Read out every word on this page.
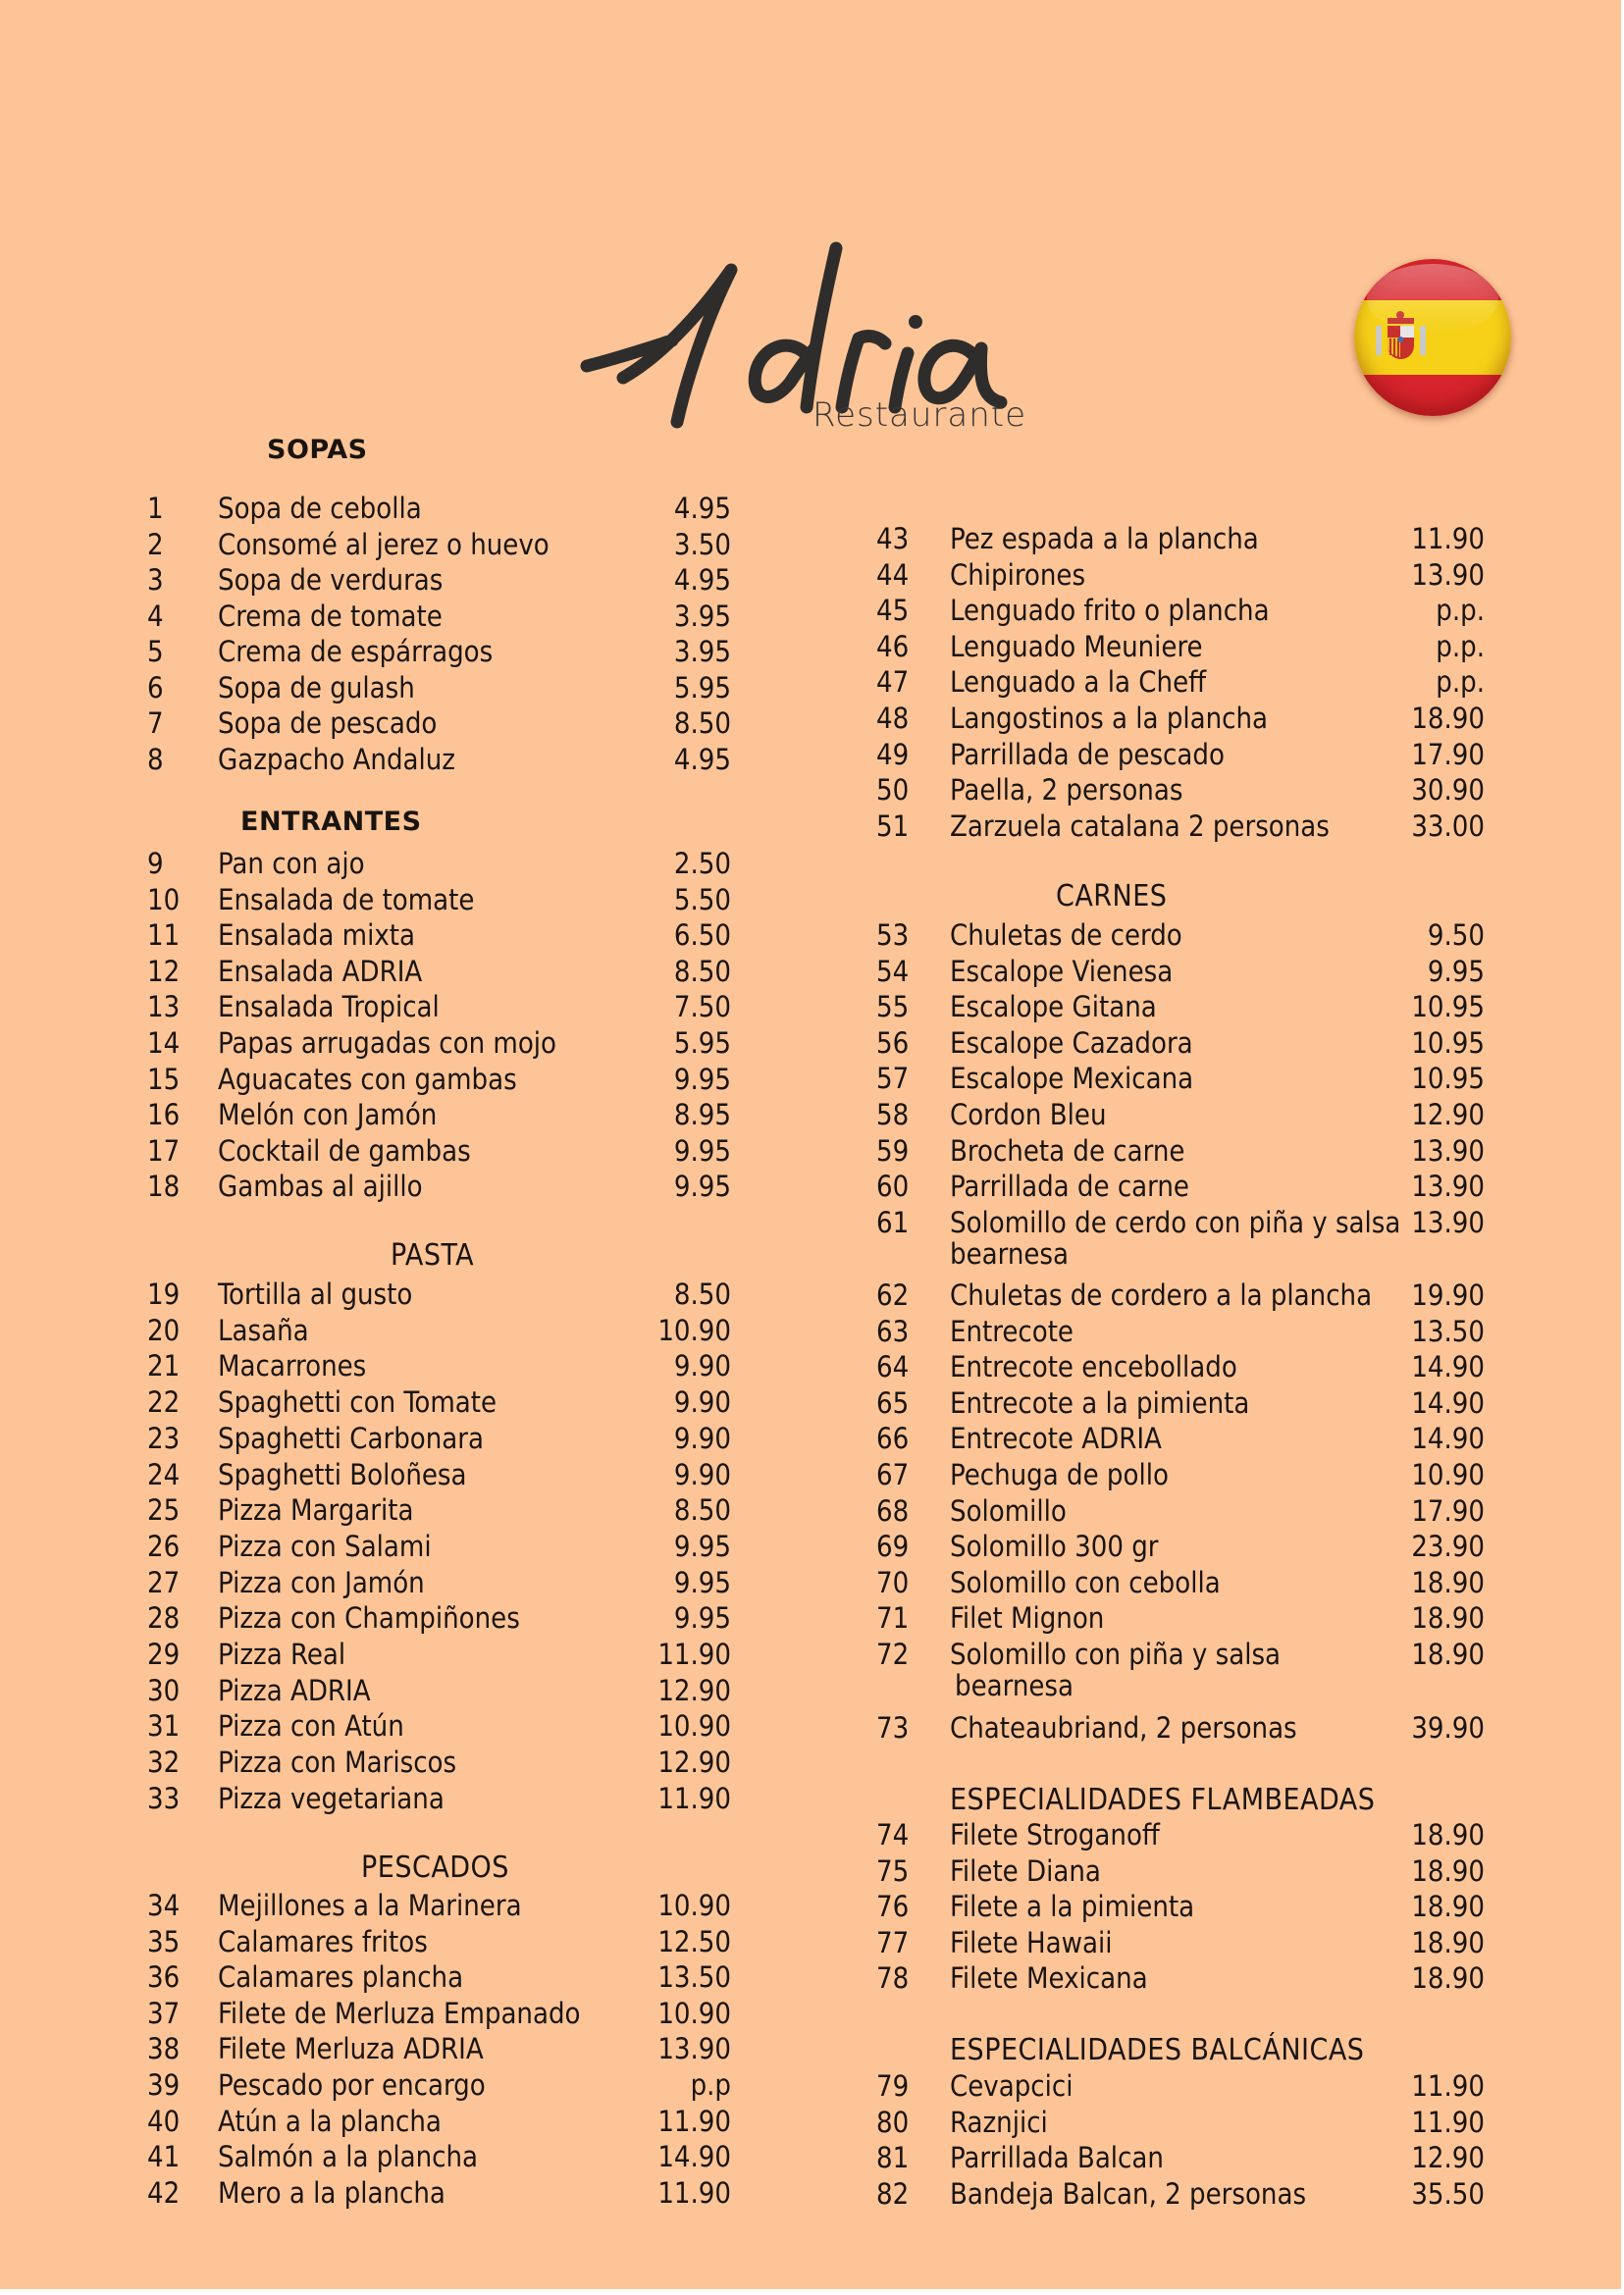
Restaurante
SOPAS
1 Sopa de cebolla	4.95
2 Consomé al jerez o huevo	3.50
3 Sopa de verduras	4.95
4 Crema de tomate	3.95
5 Crema de espárragos	3.95
6 Sopa de gulash	5.95
7 Sopa de pescado	8.50
8 Gazpacho Andaluz	4.95
ENTRANTES
9 Pan con ajo	2.50
10 Ensalada de tomate	5.50
11 Ensalada mixta	6.50
12 Ensalada ADRIA	8.50
13 Ensalada Tropical	7.50
14 Papas arrugadas con mojo	5.95
15 Aguacates con gambas	9.95
16 Melón con Jamón	8.95
17 Cocktail de gambas	9.95
18 Gambas al ajillo	9.95
PASTA
19 Tortilla al gusto	8.50
20 Lasaña	10.90
21 Macarrones	9.90
22 Spaghetti con Tomate	9.90
23 Spaghetti Carbonara	9.90
24 Spaghetti Boloñesa	9.90
25 Pizza Margarita	8.50
26 Pizza con Salami	9.95
27 Pizza con Jamón	9.95
28 Pizza con Champiñones	9.95
29 Pizza Real	11.90
30 Pizza ADRIA	12.90
31 Pizza con Atún	10.90
32 Pizza con Mariscos	12.90
33 Pizza vegetariana	11.90
PESCADOS
34 Mejillones a la Marinera	10.90
35 Calamares fritos	12.50
36 Calamares plancha	13.50
37 Filete de Merluza Empanado	10.90
38 Filete Merluza ADRIA	13.90
39 Pescado por encargo	p.p
40 Atún a la plancha	11.90
41 Salmón a la plancha	14.90
42 Mero a la plancha	11.90
43 Pez espada a la plancha	11.90
44 Chipirones	13.90
45 Lenguado frito o plancha	p.p.
46 Lenguado Meuniere	p.p.
47 Lenguado a la Cheff	p.p.
48 Langostinos a la plancha	18.90
49 Parrillada de pescado	17.90
50 Paella, 2 personas	30.90
51 Zarzuela catalana 2 personas	33.00
CARNES
53 Chuletas de cerdo	9.50
54 Escalope Vienesa	9.95
55 Escalope Gitana	10.95
56 Escalope Cazadora	10.95
57 Escalope Mexicana	10.95
58 Cordon Bleu	12.90
59 Brocheta de carne	13.90
60 Parrillada de carne	13.90
61 Solomillo de cerdo con piña y salsa
bearnesa
13.90
62 Chuletas de cordero a la plancha 19.90
63 Entrecote	13.50
64 Entrecote encebollado	14.90
65 Entrecote a la pimienta	14.90
66 Entrecote ADRIA	14.90
67 Pechuga de pollo	10.90
68 Solomillo	17.90
69 Solomillo 300 gr	23.90
70 Solomillo con cebolla	18.90
71 Filet Mignon	18.90
72 Solomillo con piña y salsa
bearnesa
18.90
73 Chateaubriand, 2 personas	39.90
ESPECIALIDADES FLAMBEADAS
74 Filete Stroganoff	18.90
75 Filete Diana	18.90
76 Filete a la pimienta	18.90
77 Filete Hawaii	18.90
78 Filete Mexicana	18.90
ESPECIALIDADES BALCÁNICAS
79 Cevapcici	11.90
80 Raznjici	11.90
81 Parrillada Balcan	12.90
82 Bandeja Balcan, 2 personas	35.50
